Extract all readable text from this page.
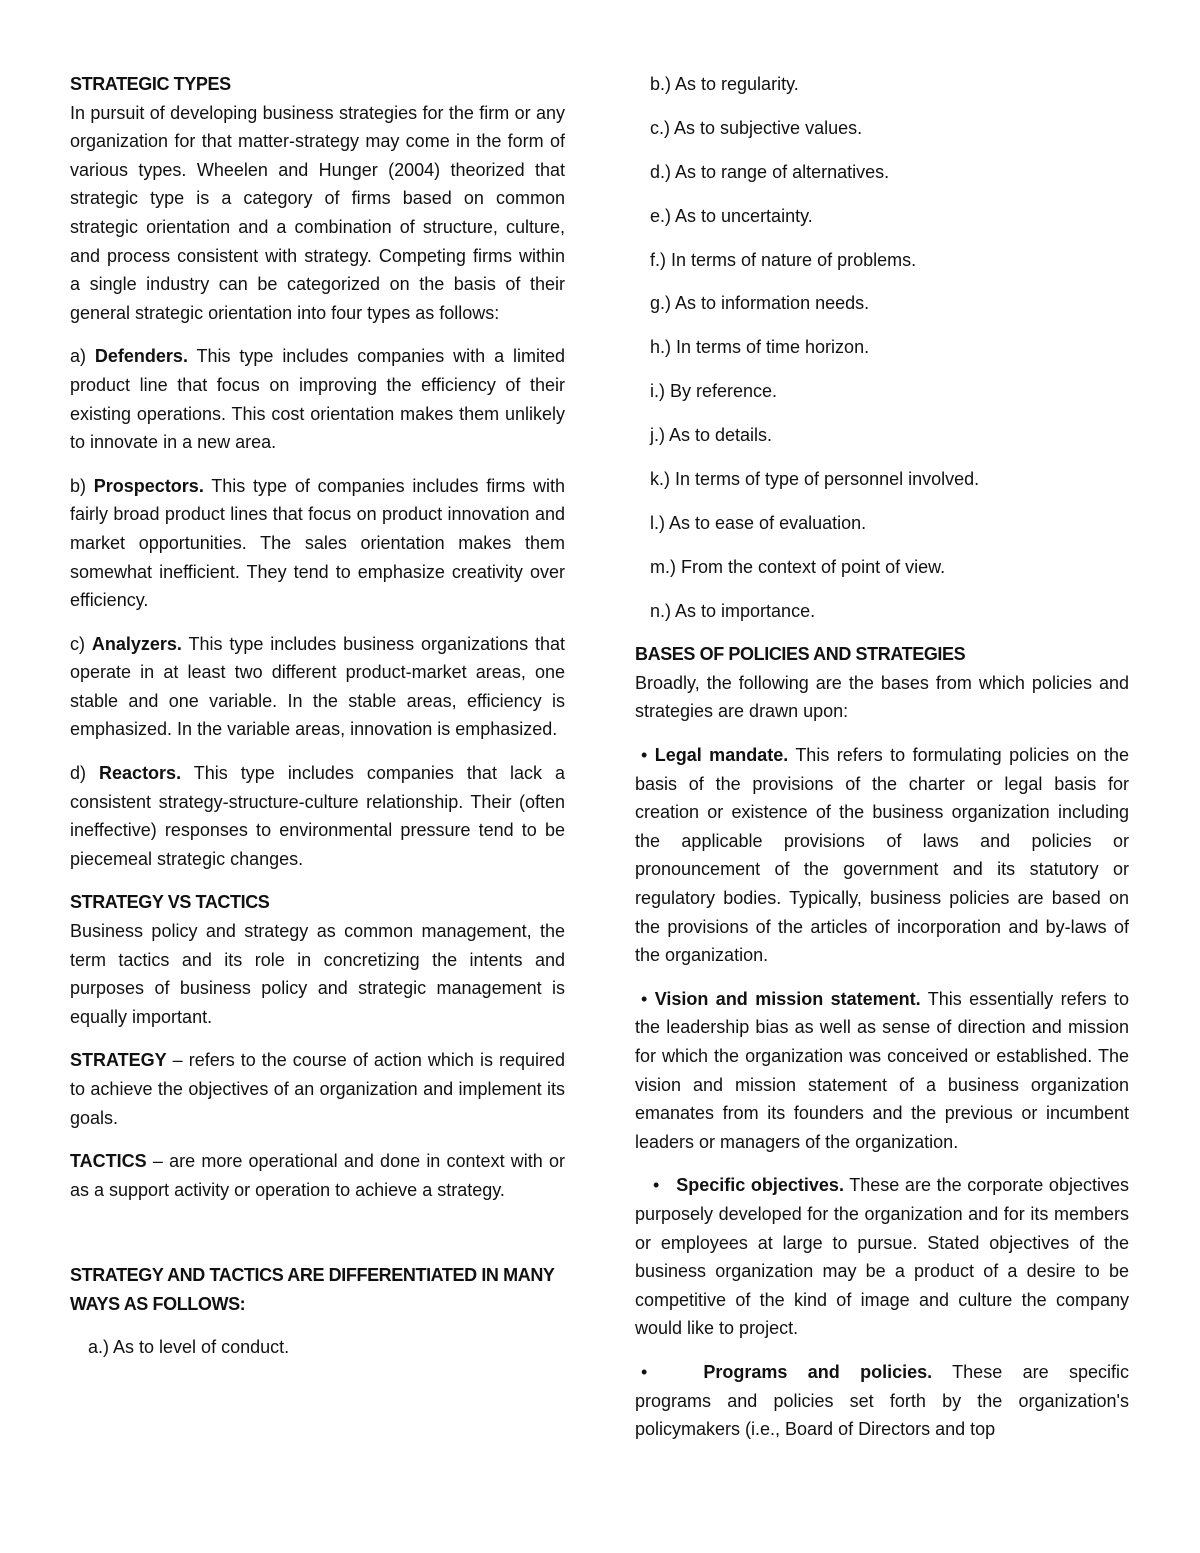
STRATEGIC TYPES

In pursuit of developing business strategies for the firm or any organization for that matter-strategy may come in the form of various types. Wheelen and Hunger (2004) theorized that strategic type is a category of firms based on common strategic orientation and a combination of structure, culture, and process consistent with strategy. Competing firms within a single industry can be categorized on the basis of their general strategic orientation into four types as follows:

a) Defenders. This type includes companies with a limited product line that focus on improving the efficiency of their existing operations. This cost orientation makes them unlikely to innovate in a new area.

b) Prospectors. This type of companies includes firms with fairly broad product lines that focus on product innovation and market opportunities. The sales orientation makes them somewhat inefficient. They tend to emphasize creativity over efficiency.

c) Analyzers. This type includes business organizations that operate in at least two different product-market areas, one stable and one variable. In the stable areas, efficiency is emphasized. In the variable areas, innovation is emphasized.

d) Reactors. This type includes companies that lack a consistent strategy-structure-culture relationship. Their (often ineffective) responses to environmental pressure tend to be piecemeal strategic changes.

STRATEGY VS TACTICS

Business policy and strategy as common management, the term tactics and its role in concretizing the intents and purposes of business policy and strategic management is equally important.

STRATEGY – refers to the course of action which is required to achieve the objectives of an organization and implement its goals.

TACTICS – are more operational and done in context with or as a support activity or operation to achieve a strategy.

STRATEGY AND TACTICS ARE DIFFERENTIATED IN MANY WAYS AS FOLLOWS:

a.) As to level of conduct.

b.) As to regularity.

c.) As to subjective values.

d.) As to range of alternatives.

e.) As to uncertainty.

f.) In terms of nature of problems.

g.) As to information needs.

h.) In terms of time horizon.

i.) By reference.

j.) As to details.

k.) In terms of type of personnel involved.

l.) As to ease of evaluation.

m.) From the context of point of view.

n.) As to importance.

BASES OF POLICIES AND STRATEGIES

Broadly, the following are the bases from which policies and strategies are drawn upon:

• Legal mandate. This refers to formulating policies on the basis of the provisions of the charter or legal basis for creation or existence of the business organization including the applicable provisions of laws and policies or pronouncement of the government and its statutory or regulatory bodies. Typically, business policies are based on the provisions of the articles of incorporation and by-laws of the organization.

• Vision and mission statement. This essentially refers to the leadership bias as well as sense of direction and mission for which the organization was conceived or established. The vision and mission statement of a business organization emanates from its founders and the previous or incumbent leaders or managers of the organization.

• Specific objectives. These are the corporate objectives purposely developed for the organization and for its members or employees at large to pursue. Stated objectives of the business organization may be a product of a desire to be competitive of the kind of image and culture the company would like to project.

•	Programs and policies. These are specific programs and policies set forth by the organization's policymakers (i.e., Board of Directors and top
